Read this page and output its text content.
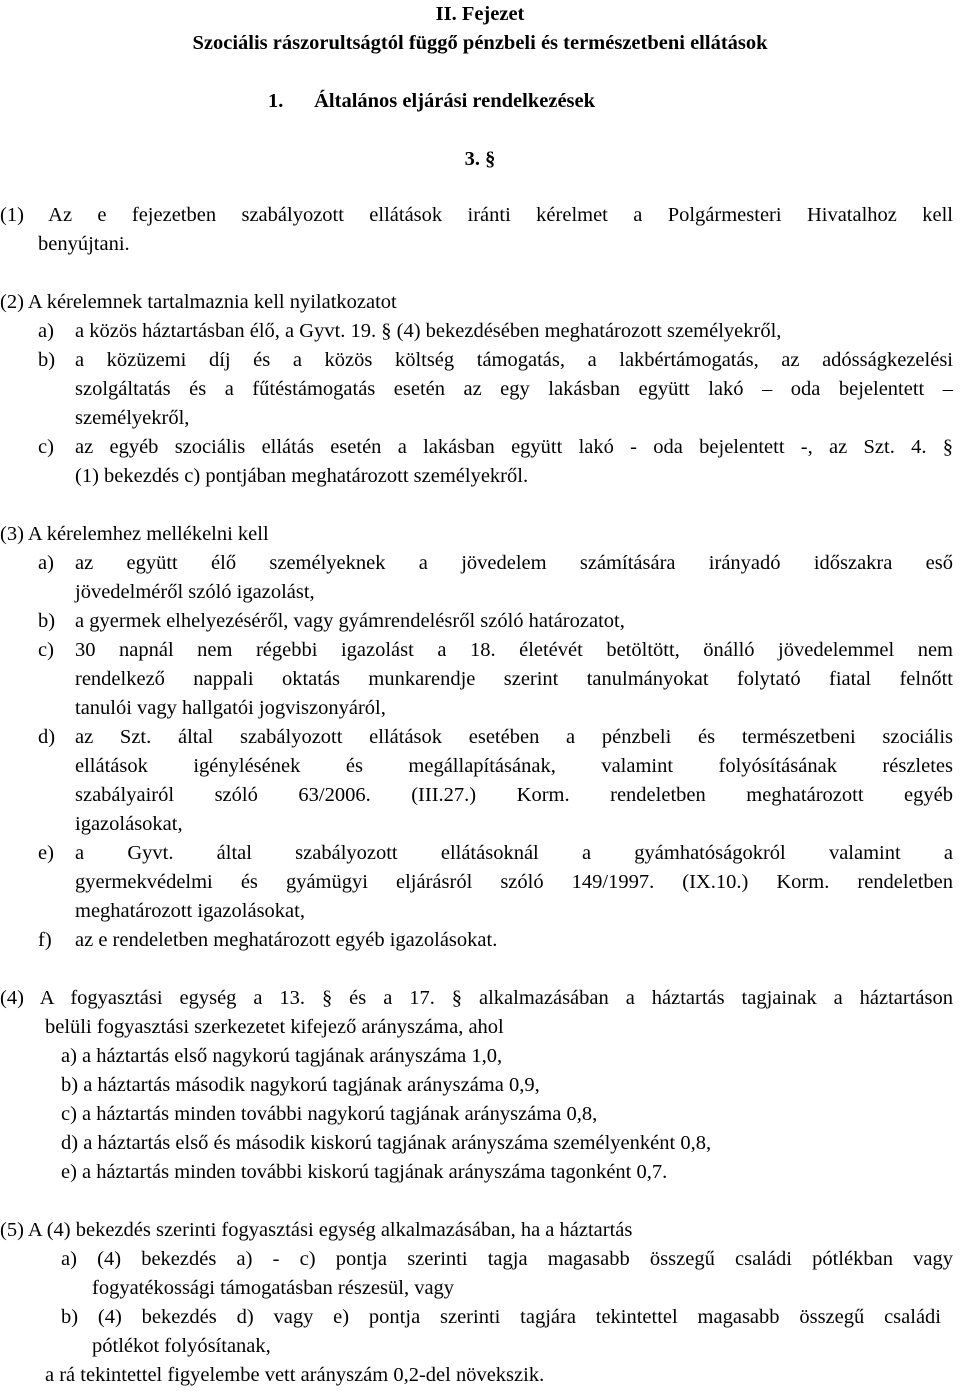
II. Fejezet
Szociális rászorultságtól függő pénzbeli és természetbeni ellátások
1.      Általános eljárási rendelkezések
3. §
(1) Az e fejezetben szabályozott ellátások iránti kérelmet a Polgármesteri Hivatalhoz kell
benyújtani.
(2) A kérelemnek tartalmaznia kell nyilatkozatot
a) a közös háztartásban élő, a Gyvt. 19. § (4) bekezdésében meghatározott személyekről,
b) a közüzemi díj és a közös költség támogatás, a lakbértámogatás, az adósságkezelési
szolgáltatás és a fűtéstámogatás esetén az egy lakásban együtt lakó – oda bejelentett –
személyekről,
c) az egyéb szociális ellátás esetén a lakásban együtt lakó - oda bejelentett -, az Szt. 4. §
(1) bekezdés c) pontjában meghatározott személyekről.
(3) A kérelemhez mellékelni kell
a) az együtt élő személyeknek a jövedelem számítására irányadó időszakra eső
jövedelméről szóló igazolást,
b) a gyermek elhelyezéséről, vagy gyámrendelésről szóló határozatot,
c) 30 napnál nem régebbi igazolást a 18. életévét betöltött, önálló jövedelemmel nem
rendelkező nappali oktatás munkarendje szerint tanulmányokat folytató fiatal felnőtt
tanulói vagy hallgatói jogviszonyáról,
d) az Szt. által szabályozott ellátások esetében a pénzbeli és természetbeni szociális
ellátások igénylésének és megállapításának, valamint folyósításának részletes
szabályairól szóló 63/2006. (III.27.) Korm. rendeletben meghatározott egyéb
igazolásokat,
e) a Gyvt. által szabályozott ellátásoknál a gyámhatóságokról valamint a
gyermekvédelmi és gyámügyi eljárásról szóló 149/1997. (IX.10.) Korm. rendeletben
meghatározott igazolásokat,
f) az e rendeletben meghatározott egyéb igazolásokat.
(4) A fogyasztási egység a 13. § és a 17. § alkalmazásában a háztartás tagjainak a háztartáson
belüli fogyasztási szerkezetet kifejező arányszáma, ahol
a) a háztartás első nagykorú tagjának arányszáma 1,0,
b) a háztartás második nagykorú tagjának arányszáma 0,9,
c) a háztartás minden további nagykorú tagjának arányszáma 0,8,
d) a háztartás első és második kiskorú tagjának arányszáma személyenként 0,8,
e) a háztartás minden további kiskorú tagjának arányszáma tagonként 0,7.
(5) A (4) bekezdés szerinti fogyasztási egység alkalmazásában, ha a háztartás
a) (4) bekezdés a) - c) pontja szerinti tagja magasabb összegű családi pótlékban vagy
fogyatékossági támogatásban részesül, vagy
b) (4) bekezdés d) vagy e) pontja szerinti tagjára tekintettel magasabb összegű családi
pótlékot folyósítanak,
a rá tekintettel figyelembe vett arányszám 0,2-del növekszik.
